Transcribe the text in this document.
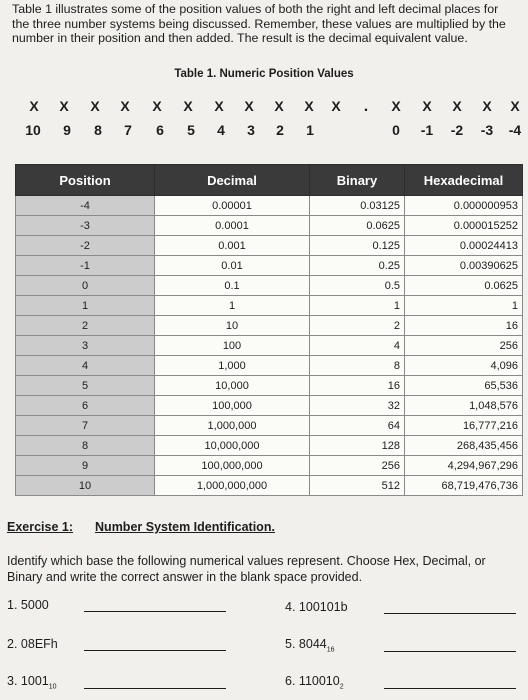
Table 1 illustrates some of the position values of both the right and left decimal places for
the three number systems being discussed. Remember, these values are multiplied by the
number in their position and then added. The result is the decimal equivalent value.
Table 1. Numeric Position Values
X	X	X	X	X	X	X	X	X	X	X	.	X	X	X	X	X
10	9	8	7	6	5	4	3	2	1	0	-1 -2 -3 -4
Position	Decimal	Binary	Hexadecimal
-4	0.00001	0.03125	0.000000953
-3	0.0001	0.0625	0.000015252
-2	0.001	0.125	0.00024413
-1	0.01	0.25	0.00390625
0	0.1	0.5	0.0625
1	1	1	1
2	10	2	16
3	100	4	256
4	1,000	8	4,096
5	10,000	16	65,536
6	100,000	32	1,048,576
7	1,000,000	64	16,777,216
8	10,000,000	128	268,435,456
9	100,000,000	256	4,294,967,296
10	1,000,000,000	512	68,719,476,736
Exercise 1: Number System Identification.
Identify which base the following numerical values represent. Choose Hex, Decimal, or Binary and write the correct answer in the blank space provided.
1. 5000	4. 100101b
2. 08EFh	5. $8044_{16}$
3. $1001_{10}$	6. $110010_2$
